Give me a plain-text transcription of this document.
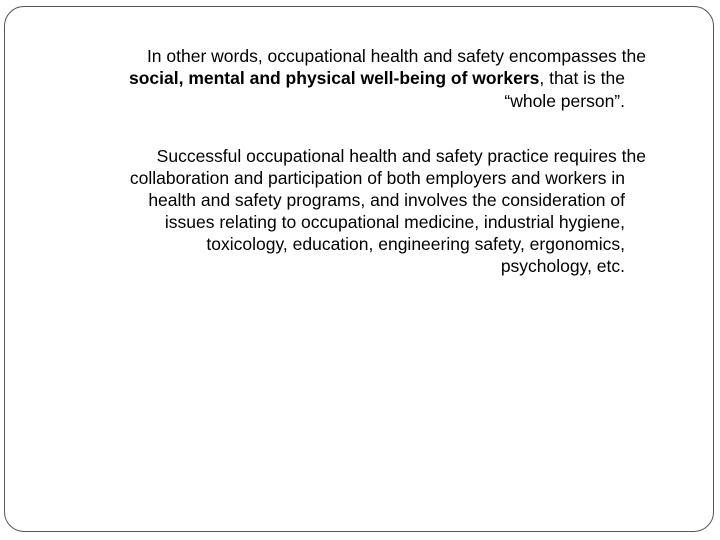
In other words, occupational health and safety encompasses the
social, mental and physical well-being of workers, that is the
“whole person”.
Successful occupational health and safety practice requires the
collaboration and participation of both employers and workers in
health and safety programs, and involves the consideration of
issues relating to occupational medicine, industrial hygiene,
toxicology, education, engineering safety, ergonomics,
psychology, etc.
